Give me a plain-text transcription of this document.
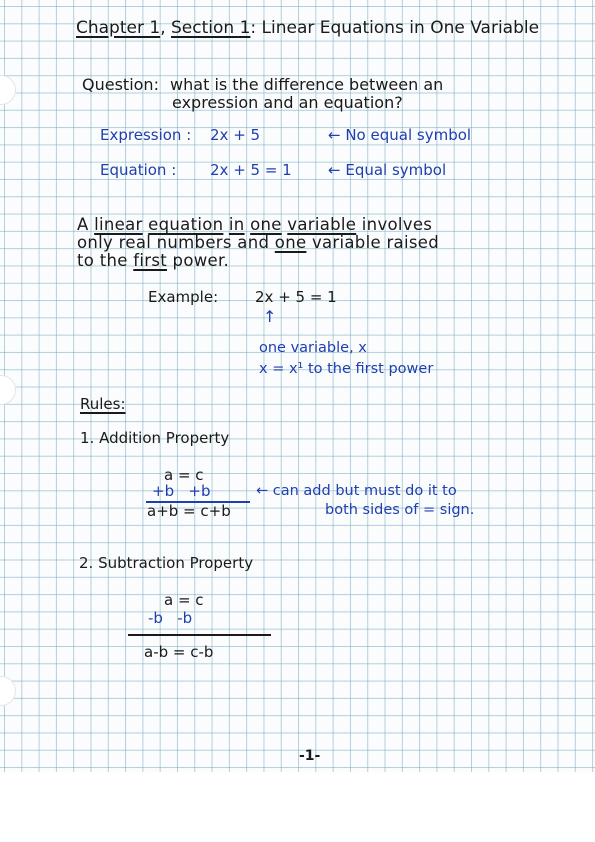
Chapter 1, Section 1: Linear Equations in One Variable
Question: what is the difference between an
expression and an equation?
Expression : 2x + 5	← No equal symbol
Equation : 2x + 5 = 1 ← Equal symbol
A linear equation in one variable involves
only real numbers and one variable raised
to the first power.
Example: 2x + 5 = 1
↑
one variable, x
x = x¹ to the first power
Rules:
1. Addition Property
a = c
+b   +b	← can add but must do it to
a+b = c+b	both sides of = sign.
2. Subtraction Property
a = c
-b   -b
a-b = c-b
-1-
